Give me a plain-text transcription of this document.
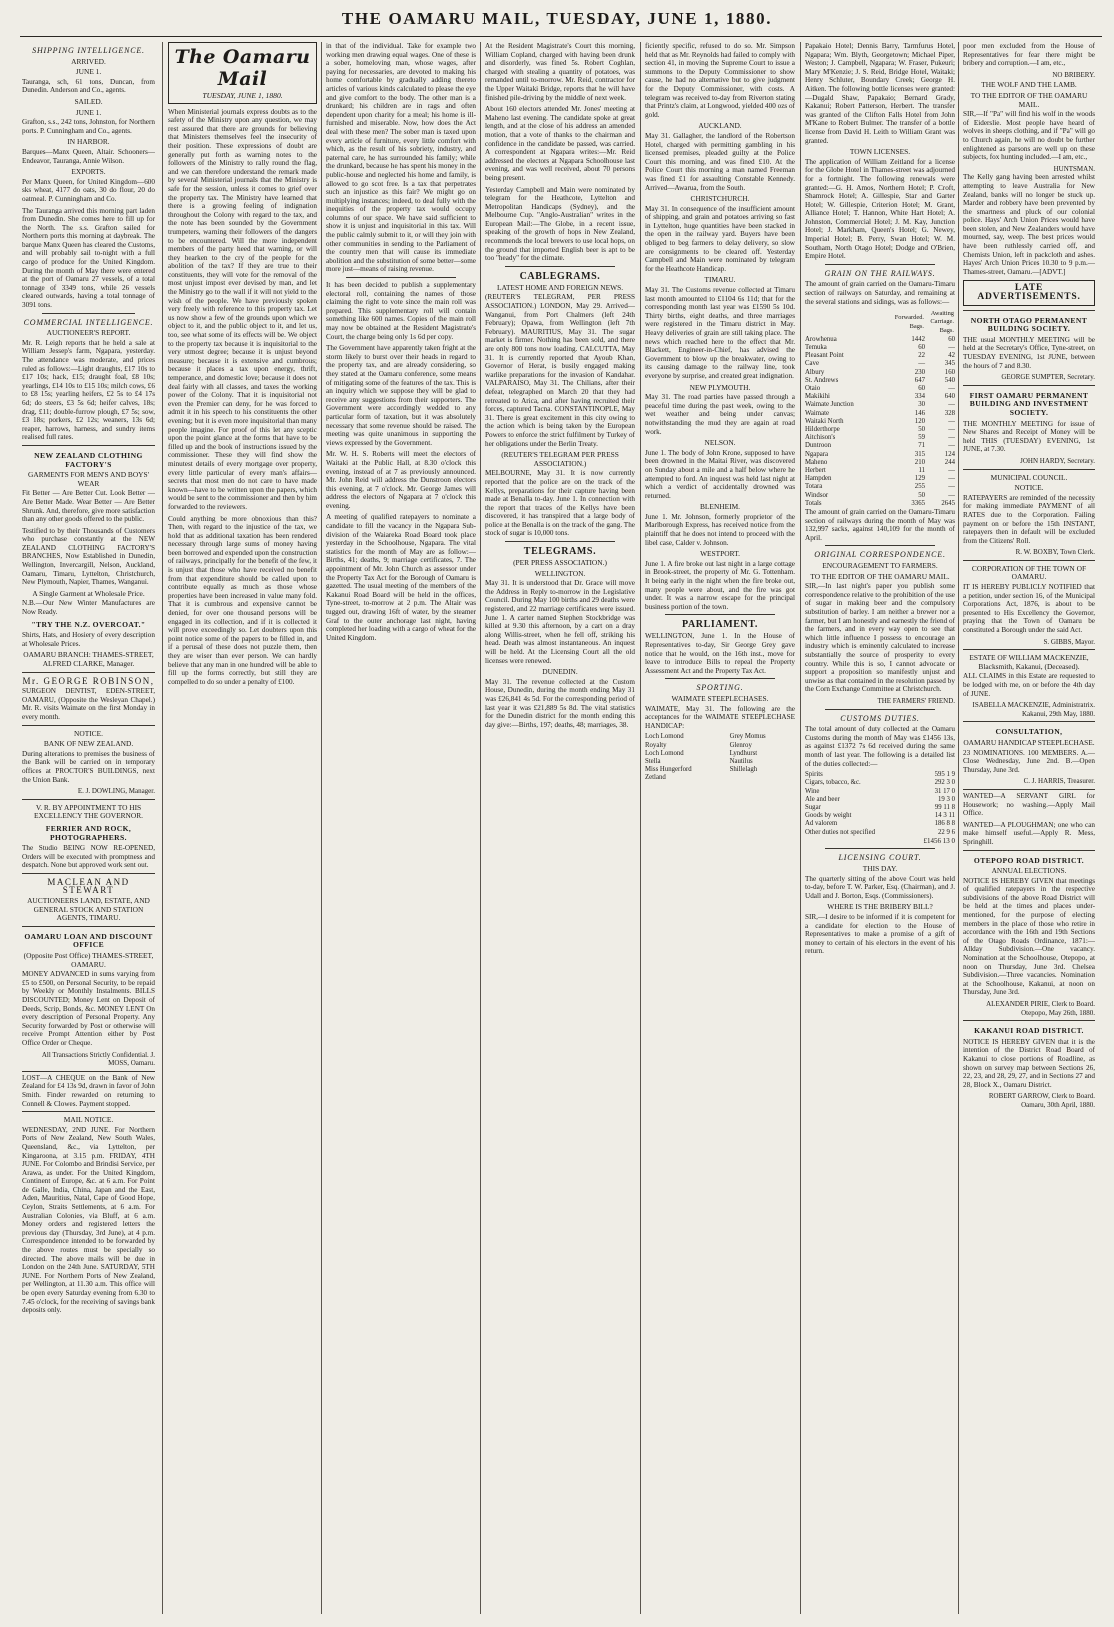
THE OAMARU MAIL, TUESDAY, JUNE 1, 1880.
SHIPPING INTELLIGENCE.
ARRIVED.
JUNE 1.
Tauranga, sch, 61 tons, Duncan, from Dunedin. Anderson and Co., agents.
SAILED.
JUNE 1.
Grafton, s.s., 242 tons, Johnston, for Northern ports. P. Cunningham and Co., agents.
IN HARBOR.
Barques—Manx Queen, Altair. Schooners—Endeavor, Tauranga, Annie Wilson.
EXPORTS.
Per Manx Queen, for United Kingdom—600 sks wheat, 4177 do oats, 30 do flour, 20 do oatmeal. P. Cunningham and Co.
The Tauranga arrived this morning part laden from Dunedin. She comes here to fill up for the North. The s.s. Grafton sailed for Northern ports this morning at daybreak. The barque Manx Queen has cleared the Customs, and will probably sail to-night with a full cargo of produce for the United Kingdom. During the month of May there were entered at the port of Oamaru 27 vessels, of a total tonnage of 3349 tons, while 26 vessels cleared outwards, having a total tonnage of 3091 tons.
COMMERCIAL INTELLIGENCE.
AUCTIONEER'S REPORT.
Mr. R. Leigh reports that he held a sale at William Jessep's farm, Ngapara, yesterday. The attendance was moderate, and prices ruled as follows:—Light draughts, £17 10s to £17 10s; hack, £15; draught foal, £8 10s; yearlings, £14 10s to £15 10s; milch cows, £6 to £8 15s; yearling heifers, £2 5s to £4 17s 6d; do steers, £3 5s 6d; heifer calves, 18s; drag, £11; double-furrow plough, £7 5s; sow, £3 18s; porkers, £2 12s; weaners, 13s 6d; reaper, harrows, harness, and sundry items realised full rates.
NEW ZEALAND CLOTHING FACTORY'S
GARMENTS FOR MEN'S AND BOYS' WEAR
Fit Better — Are Better Cut. Look Better — Are Better Made. Wear Better — Are Better Shrunk. And, therefore, give more satisfaction than any other goods offered to the public.
Testified to by their Thousands of Customers who purchase constantly at the NEW ZEALAND CLOTHING FACTORY'S BRANCHES, Now Established in Dunedin, Wellington, Invercargill, Nelson, Auckland, Oamaru, Timaru, Lyttelton, Christchurch, New Plymouth, Napier, Thames, Wanganui.
A Single Garment at Wholesale Price.
N.B.—Our New Winter Manufactures are Now Ready.
"TRY THE N.Z. OVERCOAT."
Shirts, Hats, and Hosiery of every description at Wholesale Prices.
OAMARU BRANCH: THAMES-STREET, ALFRED CLARKE, Manager.
Mr. GEORGE ROBINSON,
SURGEON DENTIST, EDEN-STREET, OAMARU, (Opposite the Wesleyan Chapel.) Mr. R. visits Waimate on the first Monday in every month.
NOTICE.
BANK OF NEW ZEALAND.
During alterations to premises the business of the Bank will be carried on in temporary offices at PROCTOR'S BUILDINGS, next the Union Bank.
E. J. DOWLING, Manager.
V. R. BY APPOINTMENT TO HIS EXCELLENCY THE GOVERNOR.
FERRIER AND ROCK, PHOTOGRAPHERS.
The Studio BEING NOW RE-OPENED, Orders will be executed with promptness and despatch. None but approved work sent out.
MACLEAN AND STEWART
AUCTIONEERS LAND, ESTATE, AND GENERAL STOCK AND STATION AGENTS, TIMARU.
OAMARU LOAN AND DISCOUNT OFFICE
(Opposite Post Office) THAMES-STREET, OAMARU.
MONEY ADVANCED in sums varying from £5 to £500, on Personal Security, to be repaid by Weekly or Monthly Instalments. BILLS DISCOUNTED; Money Lent on Deposit of Deeds, Scrip, Bonds, &c. MONEY LENT On every description of Personal Property. Any Security forwarded by Post or otherwise will receive Prompt Attention either by Post Office Order or Cheque.
All Transactions Strictly Confidential. J. MOSS, Oamaru.
LOST—A CHEQUE on the Bank of New Zealand for £4 13s 9d, drawn in favor of John Smith. Finder rewarded on returning to Connell & Clowes. Payment stopped.
MAIL NOTICE.
WEDNESDAY, 2ND JUNE. For Northern Ports of New Zealand, New South Wales, Queensland, &c., via Lyttelton, per Kingaroona, at 3.15 p.m. FRIDAY, 4TH JUNE. For Colombo and Brindisi Service, per Arawa, as under. For the United Kingdom, Continent of Europe, &c. at 6 a.m. For Point de Galle, India, China, Japan and the East, Aden, Mauritius, Natal, Cape of Good Hope, Ceylon, Straits Settlements, at 6 a.m. For Australian Colonies, via Bluff, at 6 a.m. Money orders and registered letters the previous day (Thursday, 3rd June), at 4 p.m. Correspondence intended to be forwarded by the above routes must be specially so directed. The above mails will be due in London on the 24th June. SATURDAY, 5TH JUNE. For Northern Ports of New Zealand, per Wellington, at 11.30 a.m. This office will be open every Saturday evening from 6.30 to 7.45 o'clock, for the receiving of savings bank deposits only.
The Oamaru Mail
TUESDAY, JUNE 1, 1880.
When Ministerial journals express doubts as to the safety of the Ministry upon any question, we may rest assured that there are grounds for believing that Ministers themselves feel the insecurity of their position. These expressions of doubt are generally put forth as warning notes to the followers of the Ministry to rally round the flag, and we can therefore understand the remark made by several Ministerial journals that the Ministry is safe for the session, unless it comes to grief over the property tax. The Ministry have learned that there is a growing feeling of indignation throughout the Colony with regard to the tax, and the note has been sounded by the Government trumpeters, warning their followers of the dangers to be encountered. Will the more independent members of the party heed that warning, or will they hearken to the cry of the people for the abolition of the tax? If they are true to their constituents, they will vote for the removal of the most unjust impost ever devised by man, and let the Ministry go to the wall if it will not yield to the wish of the people. We have previously spoken very freely with reference to this property tax. Let us now show a few of the grounds upon which we object to it, and the public object to it, and let us, too, see what some of its effects will be. We object to the property tax because it is inquisitorial to the very utmost degree; because it is unjust beyond measure; because it is extensive and cumbrous; because it places a tax upon energy, thrift, temperance, and domestic love; because it does not deal fairly with all classes, and taxes the working power of the Colony. That it is inquisitorial not even the Premier can deny, for he was forced to admit it in his speech to his constituents the other evening; but it is even more inquisitorial than many people imagine. For proof of this let any sceptic upon the point glance at the forms that have to be filled up and the book of instructions issued by the commissioner. These they will find show the minutest details of every mortgage over property, every little particular of every man's affairs—secrets that most men do not care to have made known—have to be written upon the papers, which would be sent to the commissioner and then by him forwarded to the reviewers.
Could anything be more obnoxious than this? Then, with regard to the injustice of the tax, we hold that as additional taxation has been rendered necessary through large sums of money having been borrowed and expended upon the construction of railways, principally for the benefit of the few, it is unjust that those who have received no benefit from that expenditure should be called upon to contribute equally as much as those whose properties have been increased in value many fold. That it is cumbrous and expensive cannot be denied, for over one thousand persons will be engaged in its collection, and if it is collected it will prove exceedingly so. Let doubters upon this point notice some of the papers to be filled in, and if a perusal of these does not puzzle them, then they are wiser than ever person. We can hardly believe that any man in one hundred will be able to fill up the forms correctly, but still they are compelled to do so under a penalty of £100.
in that of the individual. Take for example two working men drawing equal wages. One of these is a sober, homeloving man, whose wages, after paying for necessaries, are devoted to making his home comfortable by gradually adding thereto articles of various kinds calculated to please the eye and give comfort to the body. The other man is a drunkard; his children are in rags and often dependent upon charity for a meal; his home is ill-furnished and miserable. Now, how does the Act deal with these men? The sober man is taxed upon every article of furniture, every little comfort with which, as the result of his sobriety, industry, and paternal care, he has surrounded his family; while the drunkard, because he has spent his money in the public-house and neglected his home and family, is allowed to go scot free. Is a tax that perpetrates such an injustice as this fair? We might go on multiplying instances; indeed, to deal fully with the inequities of the property tax would occupy columns of our space. We have said sufficient to show it is unjust and inquisitorial in this tax. Will the public calmly submit to it, or will they join with other communities in sending to the Parliament of the country men that will cause its immediate abolition and the substitution of some better—some more just—means of raising revenue.
It has been decided to publish a supplementary electoral roll, containing the names of those claiming the right to vote since the main roll was prepared. This supplementary roll will contain something like 600 names. Copies of the main roll may now be obtained at the Resident Magistrate's Court, the charge being only 1s 6d per copy.
The Government have apparently taken fright at the storm likely to burst over their heads in regard to the property tax, and are already considering, so they stated at the Oamaru conference, some means of mitigating some of the features of the tax. This is an inquiry which we suppose they will be glad to receive any suggestions from their supporters. The Government were accordingly wedded to any particular form of taxation, but it was absolutely necessary that some revenue should be raised. The meeting was quite unanimous in supporting the views expressed by the Government.
Mr. W. H. S. Roberts will meet the electors of Waitaki at the Public Hall, at 8.30 o'clock this evening, instead of at 7 as previously announced. Mr. John Reid will address the Dunstroon electors this evening, at 7 o'clock. Mr. George James will address the electors of Ngapara at 7 o'clock this evening.
A meeting of qualified ratepayers to nominate a candidate to fill the vacancy in the Ngapara Sub-division of the Waiareka Road Board took place yesterday in the Schoolhouse, Ngapara. The vital statistics for the month of May are as follow:—Births, 41; deaths, 9; marriage certificates, 7. The appointment of Mr. John Church as assessor under the Property Tax Act for the Borough of Oamaru is gazetted. The usual meeting of the members of the Kakanui Road Board will be held in the offices, Tyne-street, to-morrow at 2 p.m. The Altair was tugged out, drawing 16ft of water, by the steamer Graf to the outer anchorage last night, having completed her loading with a cargo of wheat for the United Kingdom.
At the Resident Magistrate's Court this morning, William Copland, charged with having been drunk and disorderly, was fined 5s. Robert Coghlan, charged with stealing a quantity of potatoes, was remanded until to-morrow. Mr. Reid, contractor for the Upper Waitaki Bridge, reports that he will have finished pile-driving by the middle of next week.
About 160 electors attended Mr. Jones' meeting at Maheno last evening. The candidate spoke at great length, and at the close of his address an amended motion, that a vote of thanks to the chairman and confidence in the candidate be passed, was carried. A correspondent at Ngapara writes:—Mr. Reid addressed the electors at Ngapara Schoolhouse last evening, and was well received, about 70 persons being present.
Yesterday Campbell and Main were nominated by telegram for the Heathcote, Lyttelton and Metropolitan Handicaps (Sydney), and the Melbourne Cup. "Anglo-Australian" writes in the European Mail:—The Globe, in a recent issue, speaking of the growth of hops in New Zealand, recommends the local brewers to use local hops, on the ground that imported English beer is apt to be too "heady" for the climate.
CABLEGRAMS.
LATEST HOME AND FOREIGN NEWS.
(REUTER'S TELEGRAM, PER PRESS ASSOCIATION.) LONDON, May 29. Arrived—Wanganui, from Port Chalmers (left 24th February); Opawa, from Wellington (left 7th February). MAURITIUS, May 31. The sugar market is firmer. Nothing has been sold, and there are only 800 tons now loading. CALCUTTA, May 31. It is currently reported that Ayoub Khan, Governor of Herat, is busily engaged making warlike preparations for the invasion of Kandahar. VALPARAISO, May 31. The Chilians, after their defeat, telegraphed on March 20 that they had retreated to Arica, and after having recruited their forces, captured Tacna. CONSTANTINOPLE, May 31. There is great excitement in this city owing to the action which is being taken by the European Powers to enforce the strict fulfilment by Turkey of her obligations under the Berlin Treaty.
(REUTER'S TELEGRAM PER PRESS ASSOCIATION.)
MELBOURNE, May 31. It is now currently reported that the police are on the track of the Kellys, preparations for their capture having been made at Benalla to-day. June 1. In connection with the report that traces of the Kellys have been discovered, it has transpired that a large body of police at the Benalla is on the track of the gang. The stock of sugar is 10,000 tons.
TELEGRAMS.
(PER PRESS ASSOCIATION.)
WELLINGTON.
May 31. It is understood that Dr. Grace will move the Address in Reply to-morrow in the Legislative Council. During May 100 births and 29 deaths were registered, and 22 marriage certificates were issued. June 1. A carter named Stephen Stockbridge was killed at 9.30 this afternoon, by a cart on a dray along Willis-street, when he fell off, striking his head. Death was almost instantaneous. An inquest will be held. At the Licensing Court all the old licenses were renewed.
DUNEDIN.
May 31. The revenue collected at the Custom House, Dunedin, during the month ending May 31 was £26,841 4s 5d. For the corresponding period of last year it was £21,889 5s 8d. The vital statistics for the Dunedin district for the month ending this day give:—Births, 197; deaths, 48; marriages, 38.
ficiently specific, refused to do so. Mr. Simpson held that as Mr. Reynolds had failed to comply with section 41, in moving the Supreme Court to issue a summons to the Deputy Commissioner to show cause, he had no alternative but to give judgment for the Deputy Commissioner, with costs. A telegram was received to-day from Riverton stating that Printz's claim, at Longwood, yielded 400 ozs of gold.
AUCKLAND.
May 31. Gallagher, the landlord of the Robertson Hotel, charged with permitting gambling in his licensed premises, pleaded guilty at the Police Court this morning, and was fined £10. At the Police Court this morning a man named Freeman was fined £1 for assaulting Constable Kennedy. Arrived—Awarua, from the South.
CHRISTCHURCH.
May 31. In consequence of the insufficient amount of shipping, and grain and potatoes arriving so fast in Lyttelton, huge quantities have been stacked in the open in the railway yard. Buyers have been obliged to beg farmers to delay delivery, so slow are consignments to be cleared off. Yesterday Campbell and Main were nominated by telegram for the Heathcote Handicap.
TIMARU.
May 31. The Customs revenue collected at Timaru last month amounted to £1104 6s 11d; that for the corresponding month last year was £1590 5s 10d. Thirty births, eight deaths, and three marriages were registered in the Timaru district in May. Heavy deliveries of grain are still taking place. The news which reached here to the effect that Mr. Blackett, Engineer-in-Chief, has advised the Government to blow up the breakwater, owing to its causing damage to the railway line, took everyone by surprise, and created great indignation.
NEW PLYMOUTH.
May 31. The road parties have passed through a peaceful time during the past week, owing to the wet weather and being under canvas; notwithstanding the mud they are again at road work.
NELSON.
June 1. The body of John Krone, supposed to have been drowned in the Maitai River, was discovered on Sunday about a mile and a half below where he attempted to ford. An inquest was held last night at which a verdict of accidentally drowned was returned.
BLENHEIM.
June 1. Mr. Johnson, formerly proprietor of the Marlborough Express, has received notice from the plaintiff that he does not intend to proceed with the libel case, Calder v. Johnson.
WESTPORT.
June 1. A fire broke out last night in a large cottage in Brook-street, the property of Mr. G. Tottenham. It being early in the night when the fire broke out, many people were about, and the fire was got under. It was a narrow escape for the principal business portion of the town.
PARLIAMENT.
WELLINGTON, June 1. In the House of Representatives to-day, Sir George Grey gave notice that he would, on the 16th inst., move for leave to introduce Bills to repeal the Property Assessment Act and the Property Tax Act.
SPORTING.
WAIMATE STEEPLECHASES.
WAIMATE, May 31. The following are the acceptances for the WAIMATE STEEPLECHASE HANDICAP:
Loch Lomond	Grey Momus
Royalty	Glenroy
Loch Lomond	Lyndhurst
Stella	Nautilus
Miss Hungerford	Shillelagh
Zetland	
Papakaio Hotel; Dennis Barry, Tarmfurus Hotel, Ngapara; Wm. Blyth, Georgetown; Michael Piper, Weston; J. Campbell, Ngapara; W. Fraser, Pukeuri; Mary M'Kenzie; J. S. Reid, Bridge Hotel, Waitaki; Henry Schluter, Boundary Creek; George H. Aitken. The following bottle licenses were granted:—Dugald Shaw, Papakaio; Bernard Grady, Kakanui; Robert Patterson, Herbert. The transfer was granted of the Clifton Falls Hotel from John M'Kane to Robert Bulmer. The transfer of a bottle license from David H. Leith to William Grant was granted.
TOWN LICENSES.
The application of William Zeitland for a license for the Globe Hotel in Thames-street was adjourned for a fortnight. The following renewals were granted:—G. H. Amos, Northern Hotel; P. Croft, Shamrock Hotel; A. Gillespie, Star and Garter Hotel; W. Gillespie, Criterion Hotel; M. Grant, Alliance Hotel; T. Hannon, White Hart Hotel; A. Johnston, Commercial Hotel; J. M. Kay, Junction Hotel; J. Markham, Queen's Hotel; G. Newey, Imperial Hotel; B. Perry, Swan Hotel; W. M. Southam, North Otago Hotel; Dodge and O'Brien, Empire Hotel.
GRAIN ON THE RAILWAYS.
The amount of grain carried on the Oamaru-Timaru section of railways on Saturday, and remaining at the several stations and sidings, was as follows:—
	Forwarded. Bags.	Awaiting Carriage. Bags.
Arowhenua	1442	60
Temuka	60	—
Pleasant Point	22	42
Cave	—	345
Albury	230	160
St. Andrews	647	540
Otaio	60	—
Makikihi	334	640
Waimate Junction	30	—
Waimate	146	328
Waitaki North	120	—
Hilderthorpe	50	—
Aitchison's	59	—
Duntroon	71	—
Ngapara	315	124
Maheno	210	244
Herbert	11	—
Hampden	129	—
Totara	255	—
Windsor	50	—
Totals	3365	2645
The amount of grain carried on the Oamaru-Timaru section of railways during the month of May was 132,997 sacks, against 140,109 for the month of April.
ORIGINAL CORRESPONDENCE.
ENCOURAGEMENT TO FARMERS.
TO THE EDITOR OF THE OAMARU MAIL.
SIR,—In last night's paper you publish some correspondence relative to the prohibition of the use of sugar in making beer and the compulsory substitution of barley. I am neither a brewer nor a farmer, but I am honestly and earnestly the friend of the farmers, and in every way open to see that which little influence I possess to encourage an industry which is eminently calculated to increase substantially the source of prosperity to every country. While this is so, I cannot advocate or support a proposition so manifestly unjust and unwise as that contained in the resolution passed by the Corn Exchange Committee at Christchurch.
THE FARMERS' FRIEND.
CUSTOMS DUTIES.
The total amount of duty collected at the Oamaru Customs during the month of May was £1456 13s, as against £1372 7s 6d received during the same month of last year. The following is a detailed list of the duties collected:—
Spirits	595 1 9
Cigars, tobacco, &c.	292 3 0
Wine	31 17 0
Ale and beer	19 3 0
Sugar	99 11 8
Goods by weight	14 3 11
Ad valorem	186 8 8
Other duties not specified	22 9 6
£1456 13 0
LICENSING COURT.
THIS DAY.
The quarterly sitting of the above Court was held to-day, before T. W. Parker, Esq. (Chairman), and J. Udall and J. Borton, Esqs. (Commissioners).
WHERE IS THE BRIBERY BILL?
SIR,—I desire to be informed if it is competent for a candidate for election to the House of Representatives to make a promise of a gift of money to certain of his electors in the event of his return.
poor men excluded from the House of Representatives for fear there might be bribery and corruption.—I am, etc.,
NO BRIBERY.
THE WOLF AND THE LAMB.
TO THE EDITOR OF THE OAMARU MAIL.
SIR,—If "Pa" will find his wolf in the woods of Eiderslie. Most people have heard of wolves in sheeps clothing, and if "Pa" will go to Church again, he will no doubt be further enlightened as parsons are well up on these subjects, fox hunting included.—I am, etc.,
HUNTSMAN.
The Kelly gang having been arrested whilst attempting to leave Australia for New Zealand, banks will no longer be stuck up. Marder and robbery have been prevented by the smartness and pluck of our colonial police. Hays' Arch Union Prices would have been stolen, and New Zealanders would have mourned, say, weep. The best prices would have been ruthlessly carried off, and Chemists Union, left in packcloth and ashes. Hayes' Arch Union Prices 10.30 to 9 p.m.—Thames-street, Oamaru.—[ADVT.]
LATE ADVERTISEMENTS.
NORTH OTAGO PERMANENT BUILDING SOCIETY.
THE usual MONTHLY MEETING will be held at the Secretary's Office, Tyne-street, on TUESDAY EVENING, 1st JUNE, between the hours of 7 and 8.30.
GEORGE SUMPTER, Secretary.
FIRST OAMARU PERMANENT BUILDING AND INVESTMENT SOCIETY.
THE MONTHLY MEETING for issue of New Shares and Receipt of Money will be held THIS (TUESDAY) EVENING, 1st JUNE, at 7.30.
JOHN HARDY, Secretary.
MUNICIPAL COUNCIL.
NOTICE.
RATEPAYERS are reminded of the necessity for making immediate PAYMENT of all RATES due to the Corporation. Failing payment on or before the 15th INSTANT, ratepayers then in default will be excluded from the Citizens' Roll.
R. W. BOXBY, Town Clerk.
CORPORATION OF THE TOWN OF OAMARU.
IT IS HEREBY PUBLICLY NOTIFIED that a petition, under section 16, of the Municipal Corporations Act, 1876, is about to be presented to His Excellency the Governor, praying that the Town of Oamaru be constituted a Borough under the said Act.
S. GIBBS, Mayor.
ESTATE OF WILLIAM MACKENZIE, Blacksmith, Kakanui, (Deceased).
ALL CLAIMS in this Estate are requested to be lodged with me, on or before the 4th day of JUNE.
ISABELLA MACKENZIE, Administratrix. Kakanui, 29th May, 1880.
CONSULTATION,
OAMARU HANDICAP STEEPLECHASE.
23 NOMINATIONS. 100 MEMBERS. A.—Close Wednesday, June 2nd. B.—Open Thursday, June 3rd.
C. J. HARRIS, Treasurer.
WANTED—A SERVANT GIRL for Housework; no washing.—Apply Mail Office.
WANTED—A PLOUGHMAN; one who can make himself useful.—Apply R. Mess, Springhill.
OTEPOPO ROAD DISTRICT.
ANNUAL ELECTIONS.
NOTICE IS HEREBY GIVEN that meetings of qualified ratepayers in the respective subdivisions of the above Road District will be held at the times and places under-mentioned, for the purpose of electing members in the place of those who retire in accordance with the 16th and 19th Sections of the Otago Roads Ordinance, 1871:— Allday Subdivision.—One vacancy. Nomination at the Schoolhouse, Otepopo, at noon on Thursday, June 3rd. Chelsea Subdivision.—Three vacancies. Nomination at the Schoolhouse, Kakanui, at noon on Thursday, June 3rd.
ALEXANDER PIRIE, Clerk to Board. Otepopo, May 26th, 1880.
KAKANUI ROAD DISTRICT.
NOTICE IS HEREBY GIVEN that it is the intention of the District Road Board of Kakanui to close portions of Roadline, as shown on survey map between Sections 26, 22, 23, and 28, 29, 27, and in Sections 27 and 28, Block X., Oamaru District.
ROBERT GARROW, Clerk to Board. Oamaru, 30th April, 1880.
